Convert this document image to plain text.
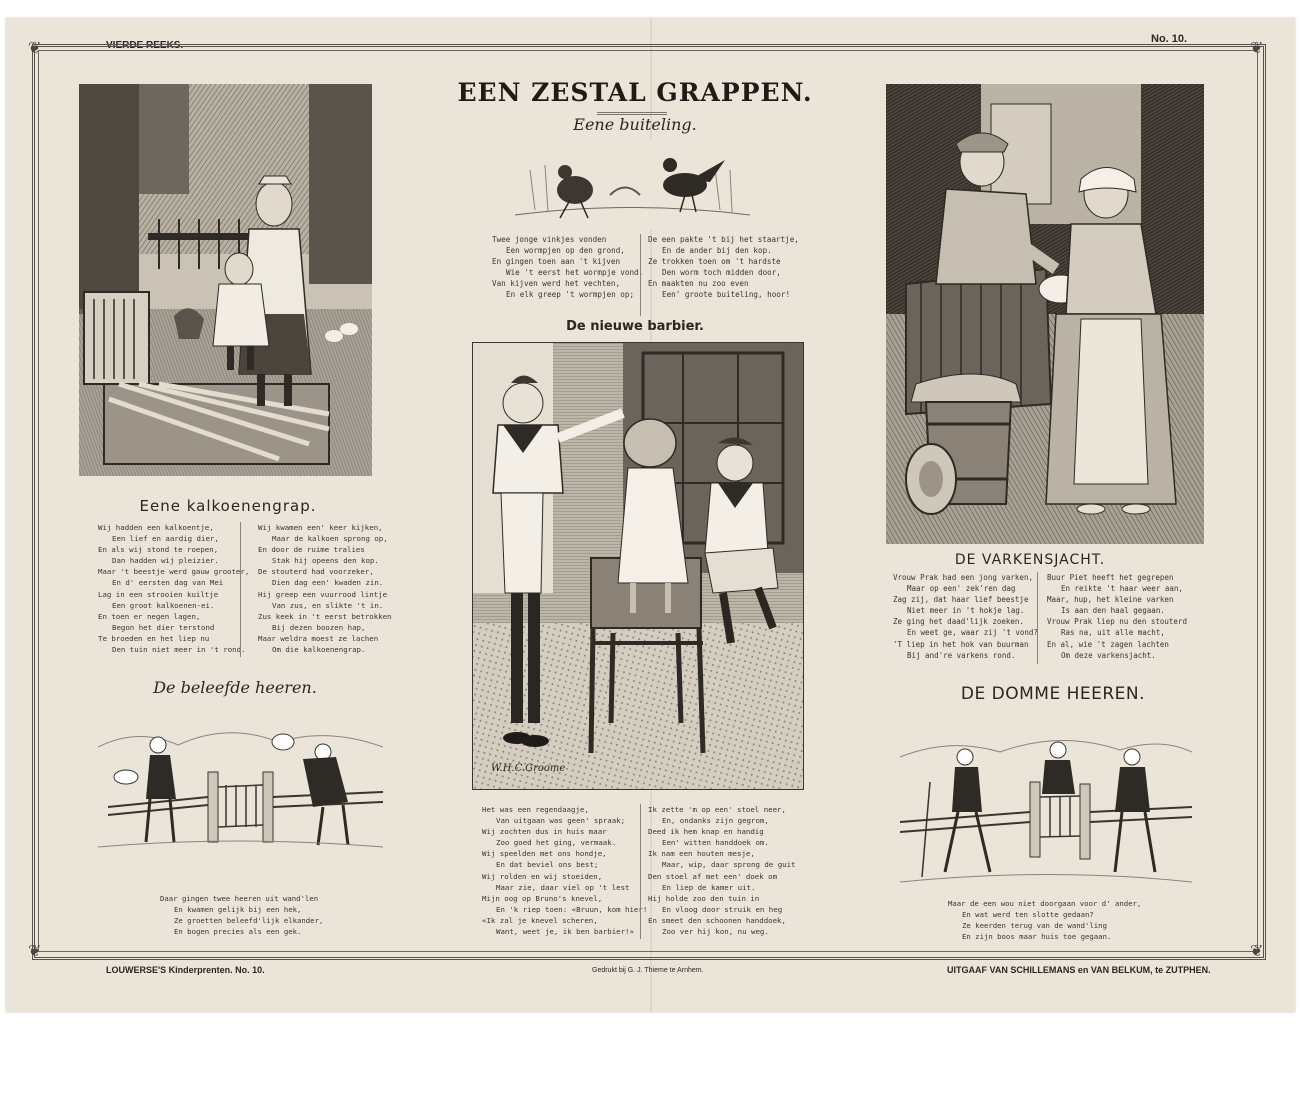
VIERDE REEKS.
No. 10.
❦	❦
❦	❦
EEN ZESTAL GRAPPEN.
Eene kalkoenengrap.
Wij hadden een kalkoentje,
Een lief en aardig dier,
En als wij stond te roepen,
Dan hadden wij pleizier.
Maar 't beestje werd gauw grooter,
En d' eersten dag van Mei
Lag in een strooien kuiltje
Een groot kalkoenen-ei.
En toen er negen lagen,
Begon het dier terstond
Te broeden en het liep nu
Den tuin niet meer in 't rond.
Wij kwamen een' keer kijken,
Maar de kalkoen sprong op,
En door de ruime tralies
Stak hij opeens den kop.
De stouterd had voorzeker,
Dien dag een' kwaden zin.
Hij greep een vuurrood lintje
Van zus, en slikte 't in.
Zus keek in 't eerst betrokken
Bij dezen boozen hap,
Maar weldra moest ze lachen
Om die kalkoenengrap.
De beleefde heeren.
Daar gingen twee heeren uit wand'len
En kwamen gelijk bij een hek,
Ze groetten beleefd'lijk elkander,
En bogen precies als een gek.
Eene buiteling.
Twee jonge vinkjes vonden
Een wormpjen op den grond,
En gingen toen aan 't kijven
Wie 't eerst het wormpje vond.
Van kijven werd het vechten,
En elk greep 't wormpjen op;
De een pakte 't bij het staartje,
En de ander bij den kop.
Ze trokken toen om 't hardste
Den worm toch midden door,
En maakten nu zoo even
Een' groote buiteling, hoor!
De nieuwe barbier.
W.H.C.Groome
Het was een regendaagje,
Van uitgaan was geen' spraak;
Wij zochten dus in huis maar
Zoo goed het ging, vermaak.
Wij speelden met ons hondje,
En dat beviel ons best;
Wij rolden en wij stoeiden,
Maar zie, daar viel op 't lest
Mijn oog op Bruno's knevel,
En 'k riep toen: «Bruun, kom hier!
«Ik zal je knevel scheren,
Want, weet je, ik ben barbier!»
Ik zette 'm op een' stoel neer,
En, ondanks zijn gegrom,
Deed ik hem knap en handig
Een' witten handdoek om.
Ik nam een houten mesje,
Maar, wip, daar sprong de guit
Den stoel af met een' doek om
En liep de kamer uit.
Hij holde zoo den tuin in
En vloog door struik en heg
En smeet den schoonen handdoek,
Zoo ver hij kon, nu weg.
DE VARKENSJACHT.
Vrouw Prak had een jong varken,
Maar op een' zek'ren dag
Zag zij, dat haar lief beestje
Niet meer in 't hokje lag.
Ze ging het daad'lijk zoeken.
En weet ge, waar zij 't vond?
'T liep in het hok van buurman
Bij and're varkens rond.
Buur Piet heeft het gegrepen
En reikte 't haar weer aan,
Maar, hup, het kleine varken
Is aan den haal gegaan.
Vrouw Prak liep nu den stouterd
Ras na, uit alle macht,
En al, wie 't zagen lachten
Om deze varkensjacht.
DE DOMME HEEREN.
Maar de een wou niet doorgaan voor d' ander,
En wat werd ten slotte gedaan?
Ze keerden terug van de wand'ling
En zijn boos maar huis toe gegaan.
LOUWERSE'S Kinderprenten. No. 10.	Gedrukt bij G. J. Thieme te Arnhem.	UITGAAF VAN SCHILLEMANS en VAN BELKUM, te ZUTPHEN.
